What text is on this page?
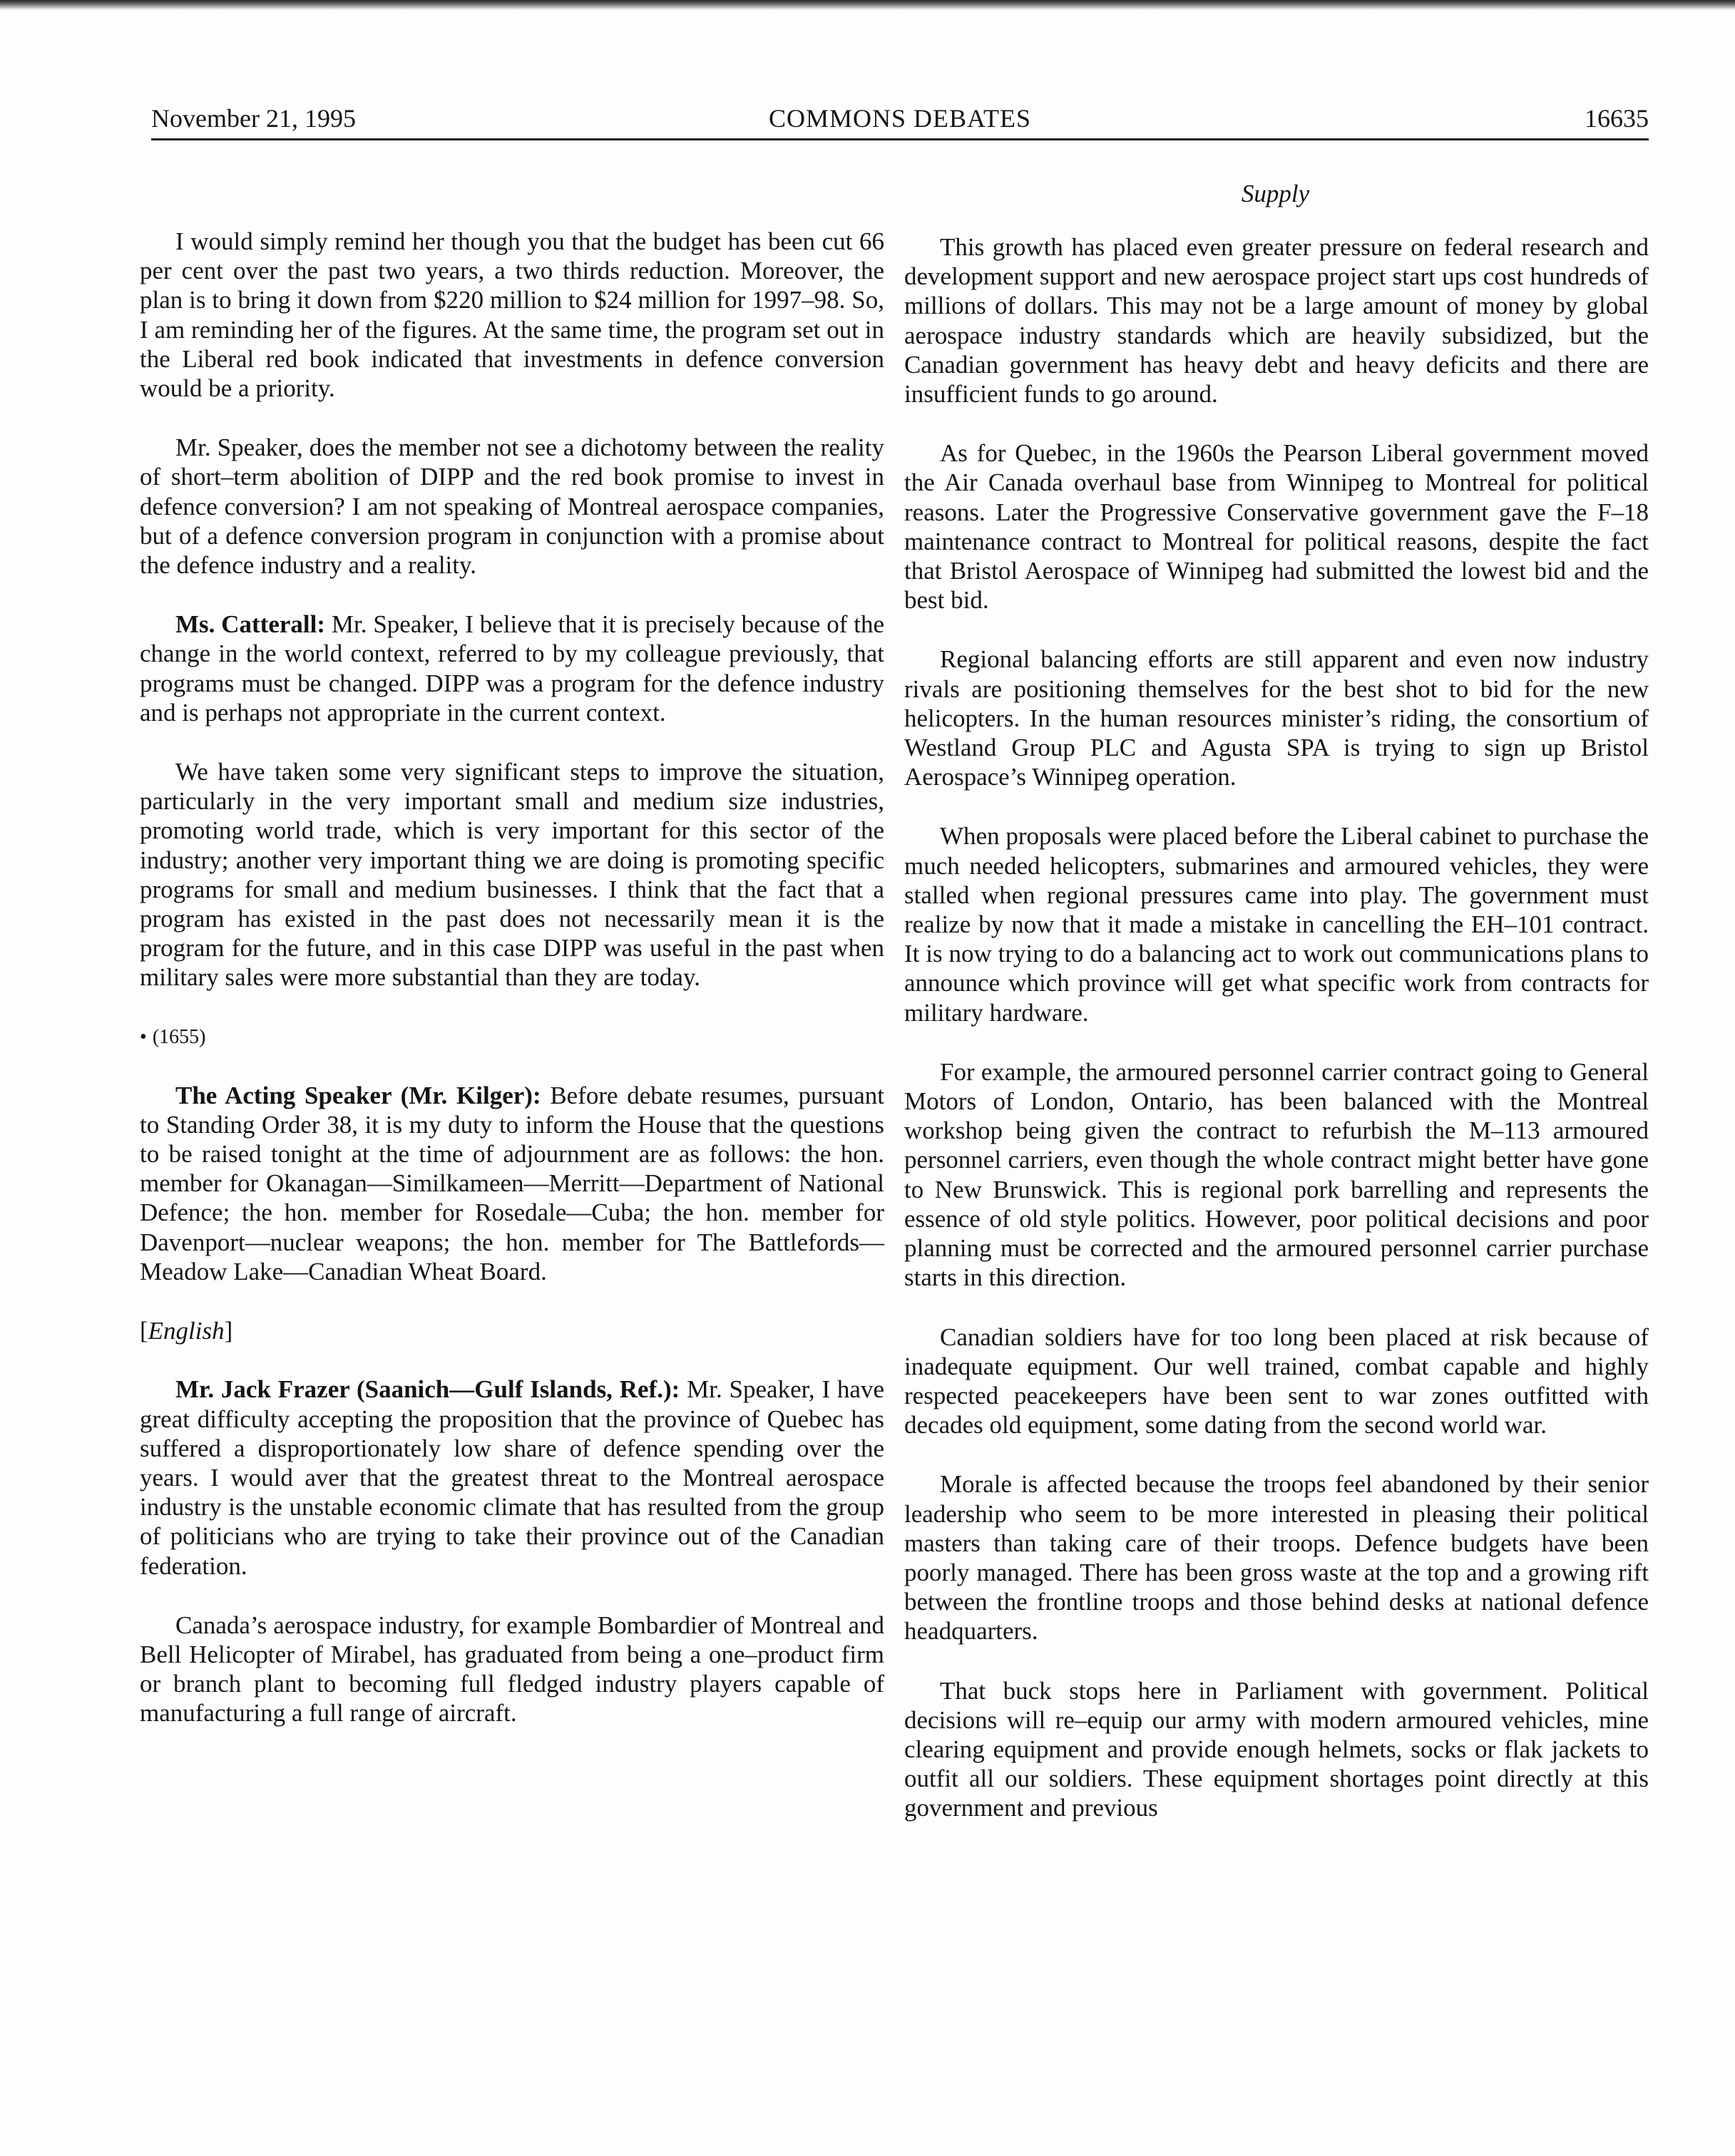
November 21, 1995	COMMONS DEBATES	16635
Supply

I would simply remind her though you that the budget has been cut 66 per cent over the past two years, a two thirds reduction. Moreover, the plan is to bring it down from $220 million to $24 million for 1997–98. So, I am reminding her of the figures. At the same time, the program set out in the Liberal red book indicated that investments in defence conversion would be a priority.

Mr. Speaker, does the member not see a dichotomy between the reality of short–term abolition of DIPP and the red book promise to invest in defence conversion? I am not speaking of Montreal aerospace companies, but of a defence conversion program in conjunction with a promise about the defence industry and a reality.

Ms. Catterall: Mr. Speaker, I believe that it is precisely because of the change in the world context, referred to by my colleague previously, that programs must be changed. DIPP was a program for the defence industry and is perhaps not appropriate in the current context.

We have taken some very significant steps to improve the situation, particularly in the very important small and medium size industries, promoting world trade, which is very important for this sector of the industry; another very important thing we are doing is promoting specific programs for small and medium businesses. I think that the fact that a program has existed in the past does not necessarily mean it is the program for the future, and in this case DIPP was useful in the past when military sales were more substantial than they are today.

• (1655)

The Acting Speaker (Mr. Kilger): Before debate resumes, pursuant to Standing Order 38, it is my duty to inform the House that the questions to be raised tonight at the time of adjournment are as follows: the hon. member for Okanagan—Similkameen—Merritt—Department of National Defence; the hon. member for Rosedale—Cuba; the hon. member for Davenport—nuclear weapons; the hon. member for The Battlefords—Meadow Lake—Canadian Wheat Board.

[English]

Mr. Jack Frazer (Saanich—Gulf Islands, Ref.): Mr. Speaker, I have great difficulty accepting the proposition that the province of Quebec has suffered a disproportionately low share of defence spending over the years. I would aver that the greatest threat to the Montreal aerospace industry is the unstable economic climate that has resulted from the group of politicians who are trying to take their province out of the Canadian federation.

Canada’s aerospace industry, for example Bombardier of Montreal and Bell Helicopter of Mirabel, has graduated from being a one–product firm or branch plant to becoming full fledged industry players capable of manufacturing a full range of aircraft.

This growth has placed even greater pressure on federal research and development support and new aerospace project start ups cost hundreds of millions of dollars. This may not be a large amount of money by global aerospace industry standards which are heavily subsidized, but the Canadian government has heavy debt and heavy deficits and there are insufficient funds to go around.

As for Quebec, in the 1960s the Pearson Liberal government moved the Air Canada overhaul base from Winnipeg to Montreal for political reasons. Later the Progressive Conservative government gave the F–18 maintenance contract to Montreal for political reasons, despite the fact that Bristol Aerospace of Winnipeg had submitted the lowest bid and the best bid.

Regional balancing efforts are still apparent and even now industry rivals are positioning themselves for the best shot to bid for the new helicopters. In the human resources minister’s riding, the consortium of Westland Group PLC and Agusta SPA is trying to sign up Bristol Aerospace’s Winnipeg operation.

When proposals were placed before the Liberal cabinet to purchase the much needed helicopters, submarines and armoured vehicles, they were stalled when regional pressures came into play. The government must realize by now that it made a mistake in cancelling the EH–101 contract. It is now trying to do a balancing act to work out communications plans to announce which province will get what specific work from contracts for military hardware.

For example, the armoured personnel carrier contract going to General Motors of London, Ontario, has been balanced with the Montreal workshop being given the contract to refurbish the M–113 armoured personnel carriers, even though the whole contract might better have gone to New Brunswick. This is regional pork barrelling and represents the essence of old style politics. However, poor political decisions and poor planning must be corrected and the armoured personnel carrier purchase starts in this direction.

Canadian soldiers have for too long been placed at risk because of inadequate equipment. Our well trained, combat capable and highly respected peacekeepers have been sent to war zones outfitted with decades old equipment, some dating from the second world war.

Morale is affected because the troops feel abandoned by their senior leadership who seem to be more interested in pleasing their political masters than taking care of their troops. Defence budgets have been poorly managed. There has been gross waste at the top and a growing rift between the frontline troops and those behind desks at national defence headquarters.

That buck stops here in Parliament with government. Political decisions will re–equip our army with modern armoured vehicles, mine clearing equipment and provide enough helmets, socks or flak jackets to outfit all our soldiers. These equipment shortages point directly at this government and previous
